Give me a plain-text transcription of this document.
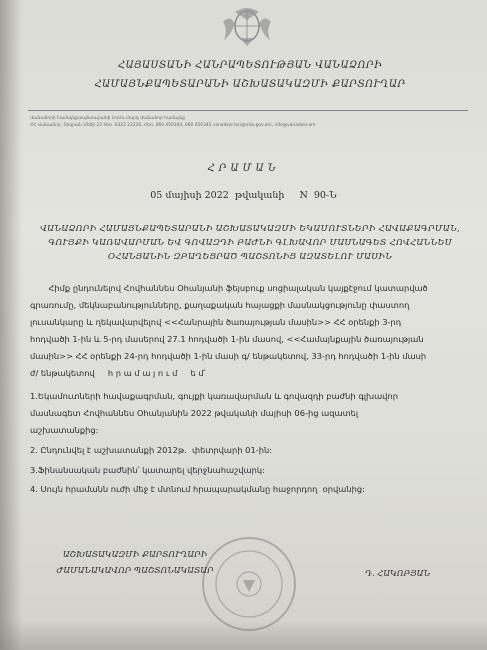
ՀԱՅԱՍՏԱՆԻ ՀԱՆՐԱՊԵՏՈՒԹՅԱՆ ՎԱՆԱՁՈՐԻ
ՀԱՄԱՅՆՔԱՊԵՏԱՐԱՆԻ ԱՇԽԱՏԱԿԱԶՄԻ ՔԱՐՏՈՒՂԱՐ
Վանաձորի համայնքապետարանի Լոռու մարզ Վանաձոր համայնք
ՀՀ Վանաձոր, Տիգրան Մեծի 22 հեռ. 0322 22230, Հեռ. 060 450344, 060 450345 vanadzor.lori@mta.gov.am, info@vanadzor.am
ՀՐԱՄԱՆ
05 մայիսի 2022  թվականի N  90-Ն
ՎԱՆԱՁՈՐԻ ՀԱՄԱՅՆՔԱՊԵՏԱՐԱՆԻ ԱՇԽԱՏԱԿԱԶՄԻ ԵԿԱՄՈՒՏՆԵՐԻ ՀԱՎԱՔԱԳՐՄԱՆ,
ԳՈՒՅՔԻ ԿԱՌԱՎԱՐՄԱՆ ԵՎ ԳՈՎԱԶԴԻ ԲԱԺՆԻ ԳԼԽԱՎՈՐ ՄԱՍՆԱԳԵՏ ՀՈՎՀԱՆՆԵՍ
ՕՀԱՆՅԱՆԻՆ ԶԲԱՂԵՑՐԱԾ ՊԱՇՏՈՆԻՑ ԱԶԱՏԵԼՈՒ ՄԱՍԻՆ
Հիմք ընդունելով Հովհաննես Օհանյանի ֆեյսբուք սոցիալական կայքէջում կատարված
գրառումը, մեկնաբանությունները, քաղաքական հայացքի մասնակցությունը փաստող
լուսանկարը և ղեկավարվելով <<Հանրային ծառայության մասին>> ՀՀ օրենքի 3-րդ
հոդվածի 1-ին և 5-րդ մասերով 27.1 հոդվածի 1-ին մասով, <<Համայնքային ծառայության
մասին>> ՀՀ օրենքի 24-րդ հոդվածի 1-ին մասի գ/ ենթակետով, 33-րդ հոդվածի 1-ին մասի
ժ/ ենթակետով     հ ր ա մ ա յ ո ւ մ     ե մ՝
1.Եկամուտների հավաքագրման, գույքի կառավարման և գովազդի բաժնի գլխավոր
մասնագետ Հովհաննես Օհանյանին 2022 թվականի մայիսի 06-ից ազատել
աշխատանքից:
2. Ընդունվել է աշխատանքի 2012թ.  փետրվարի 01-ին:
3.Ֆինանսական բաժնին՝ կատարել վերջնահաշվարկ:
4. Սույն հրամանն ուժի մեջ է մտնում հրապարակմանը հաջորդող  օրվանից:
ԱՇԽԱՏԱԿԱԶՄԻ ՔԱՐՏՈՒՂԱՐԻ
ԺԱՄԱՆԱԿԱՎՈՐ ՊԱՇՏՈՆԱԿԱՏԱՐ	Դ. ՀԱԿՈԲՅԱՆ
